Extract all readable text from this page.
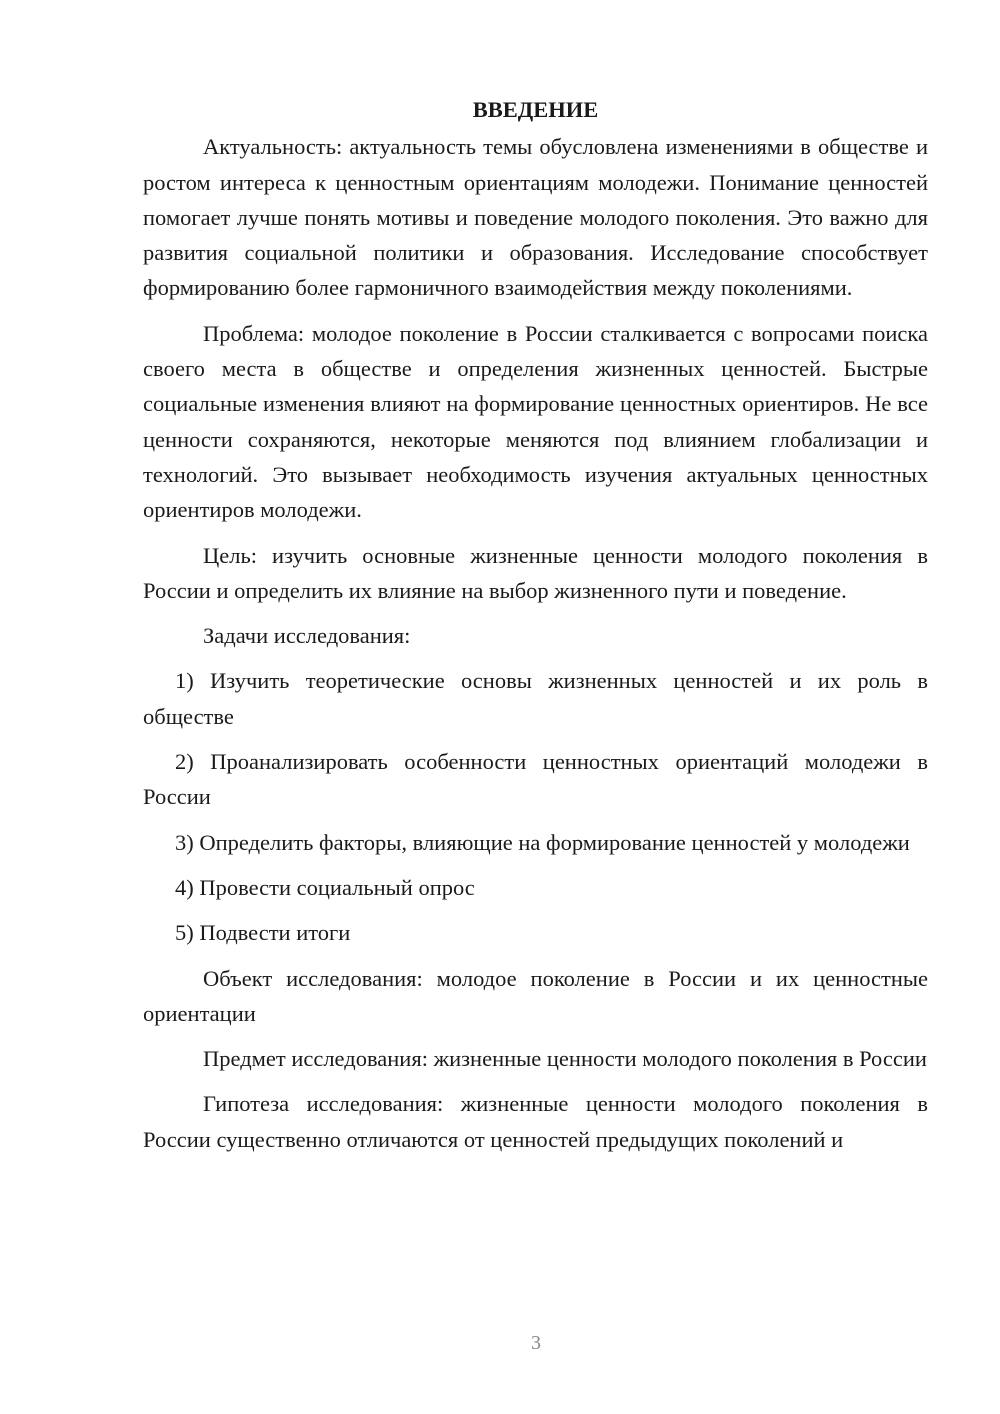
ВВЕДЕНИЕ

Актуальность: актуальность темы обусловлена изменениями в обществе и ростом интереса к ценностным ориентациям молодежи. Понимание ценностей помогает лучше понять мотивы и поведение молодого поколения. Это важно для развития социальной политики и образования. Исследование способствует формированию более гармоничного взаимодействия между поколениями.

Проблема: молодое поколение в России сталкивается с вопросами поиска своего места в обществе и определения жизненных ценностей. Быстрые социальные изменения влияют на формирование ценностных ориентиров. Не все ценности сохраняются, некоторые меняются под влиянием глобализации и технологий. Это вызывает необходимость изучения актуальных ценностных ориентиров молодежи.

Цель: изучить основные жизненные ценности молодого поколения в России и определить их влияние на выбор жизненного пути и поведение.

Задачи исследования:

1) Изучить теоретические основы жизненных ценностей и их роль в обществе

2) Проанализировать особенности ценностных ориентаций молодежи в России

3) Определить факторы, влияющие на формирование ценностей у молодежи

4) Провести социальный опрос

5) Подвести итоги

Объект исследования: молодое поколение в России и их ценностные ориентации

Предмет исследования: жизненные ценности молодого поколения в России

Гипотеза исследования: жизненные ценности молодого поколения в России существенно отличаются от ценностей предыдущих поколений и

3
